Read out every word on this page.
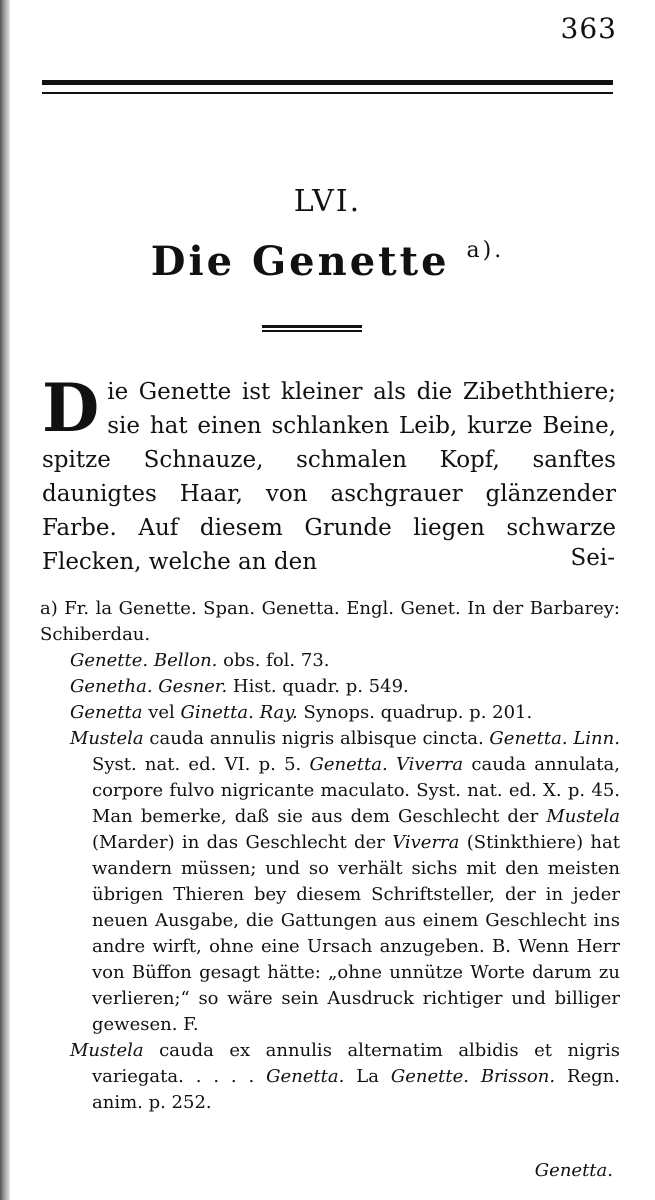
363
LVI.
Die Genette $^{a).}$
Die Genette ist kleiner als die Zibeththiere; sie hat einen schlanken Leib, kurze Beine, spitze Schnauze, schmalen Kopf, sanftes daunigtes Haar, von aschgrauer glänzender Farbe. Auf diesem Grunde liegen schwarze Flecken, welche an den	Sei-
a) Fr. la Genette. Span. Genetta. Engl. Genet. In der Barbarey: Schiberdau.
Genette. Bellon. obs. fol. 73.
Genetha. Gesner. Hist. quadr. p. 549.
Genetta vel Ginetta. Ray. Synops. quadrup. p. 201.
Mustela cauda annulis nigris albisque cincta. Genetta. Linn. Syst. nat. ed. VI. p. 5. Genetta. Viverra cauda annulata, corpore fulvo nigricante maculato. Syst. nat. ed. X. p. 45. Man bemerke, daß sie aus dem Geschlecht der Mustela (Marder) in das Geschlecht der Viverra (Stinkthiere) hat wandern müssen; und so verhält sichs mit den meisten übrigen Thieren bey diesem Schriftsteller, der in jeder neuen Ausgabe, die Gattungen aus einem Geschlecht ins andre wirft, ohne eine Ursach anzugeben. B. Wenn Herr von Büffon gesagt hätte: „ohne unnütze Worte darum zu verlieren;“ so wäre sein Ausdruck richtiger und billiger gewesen. F.
Mustela cauda ex annulis alternatim albidis et nigris variegata. . . . . Genetta. La Genette. Brisson. Regn. anim. p. 252.
Genetta.
